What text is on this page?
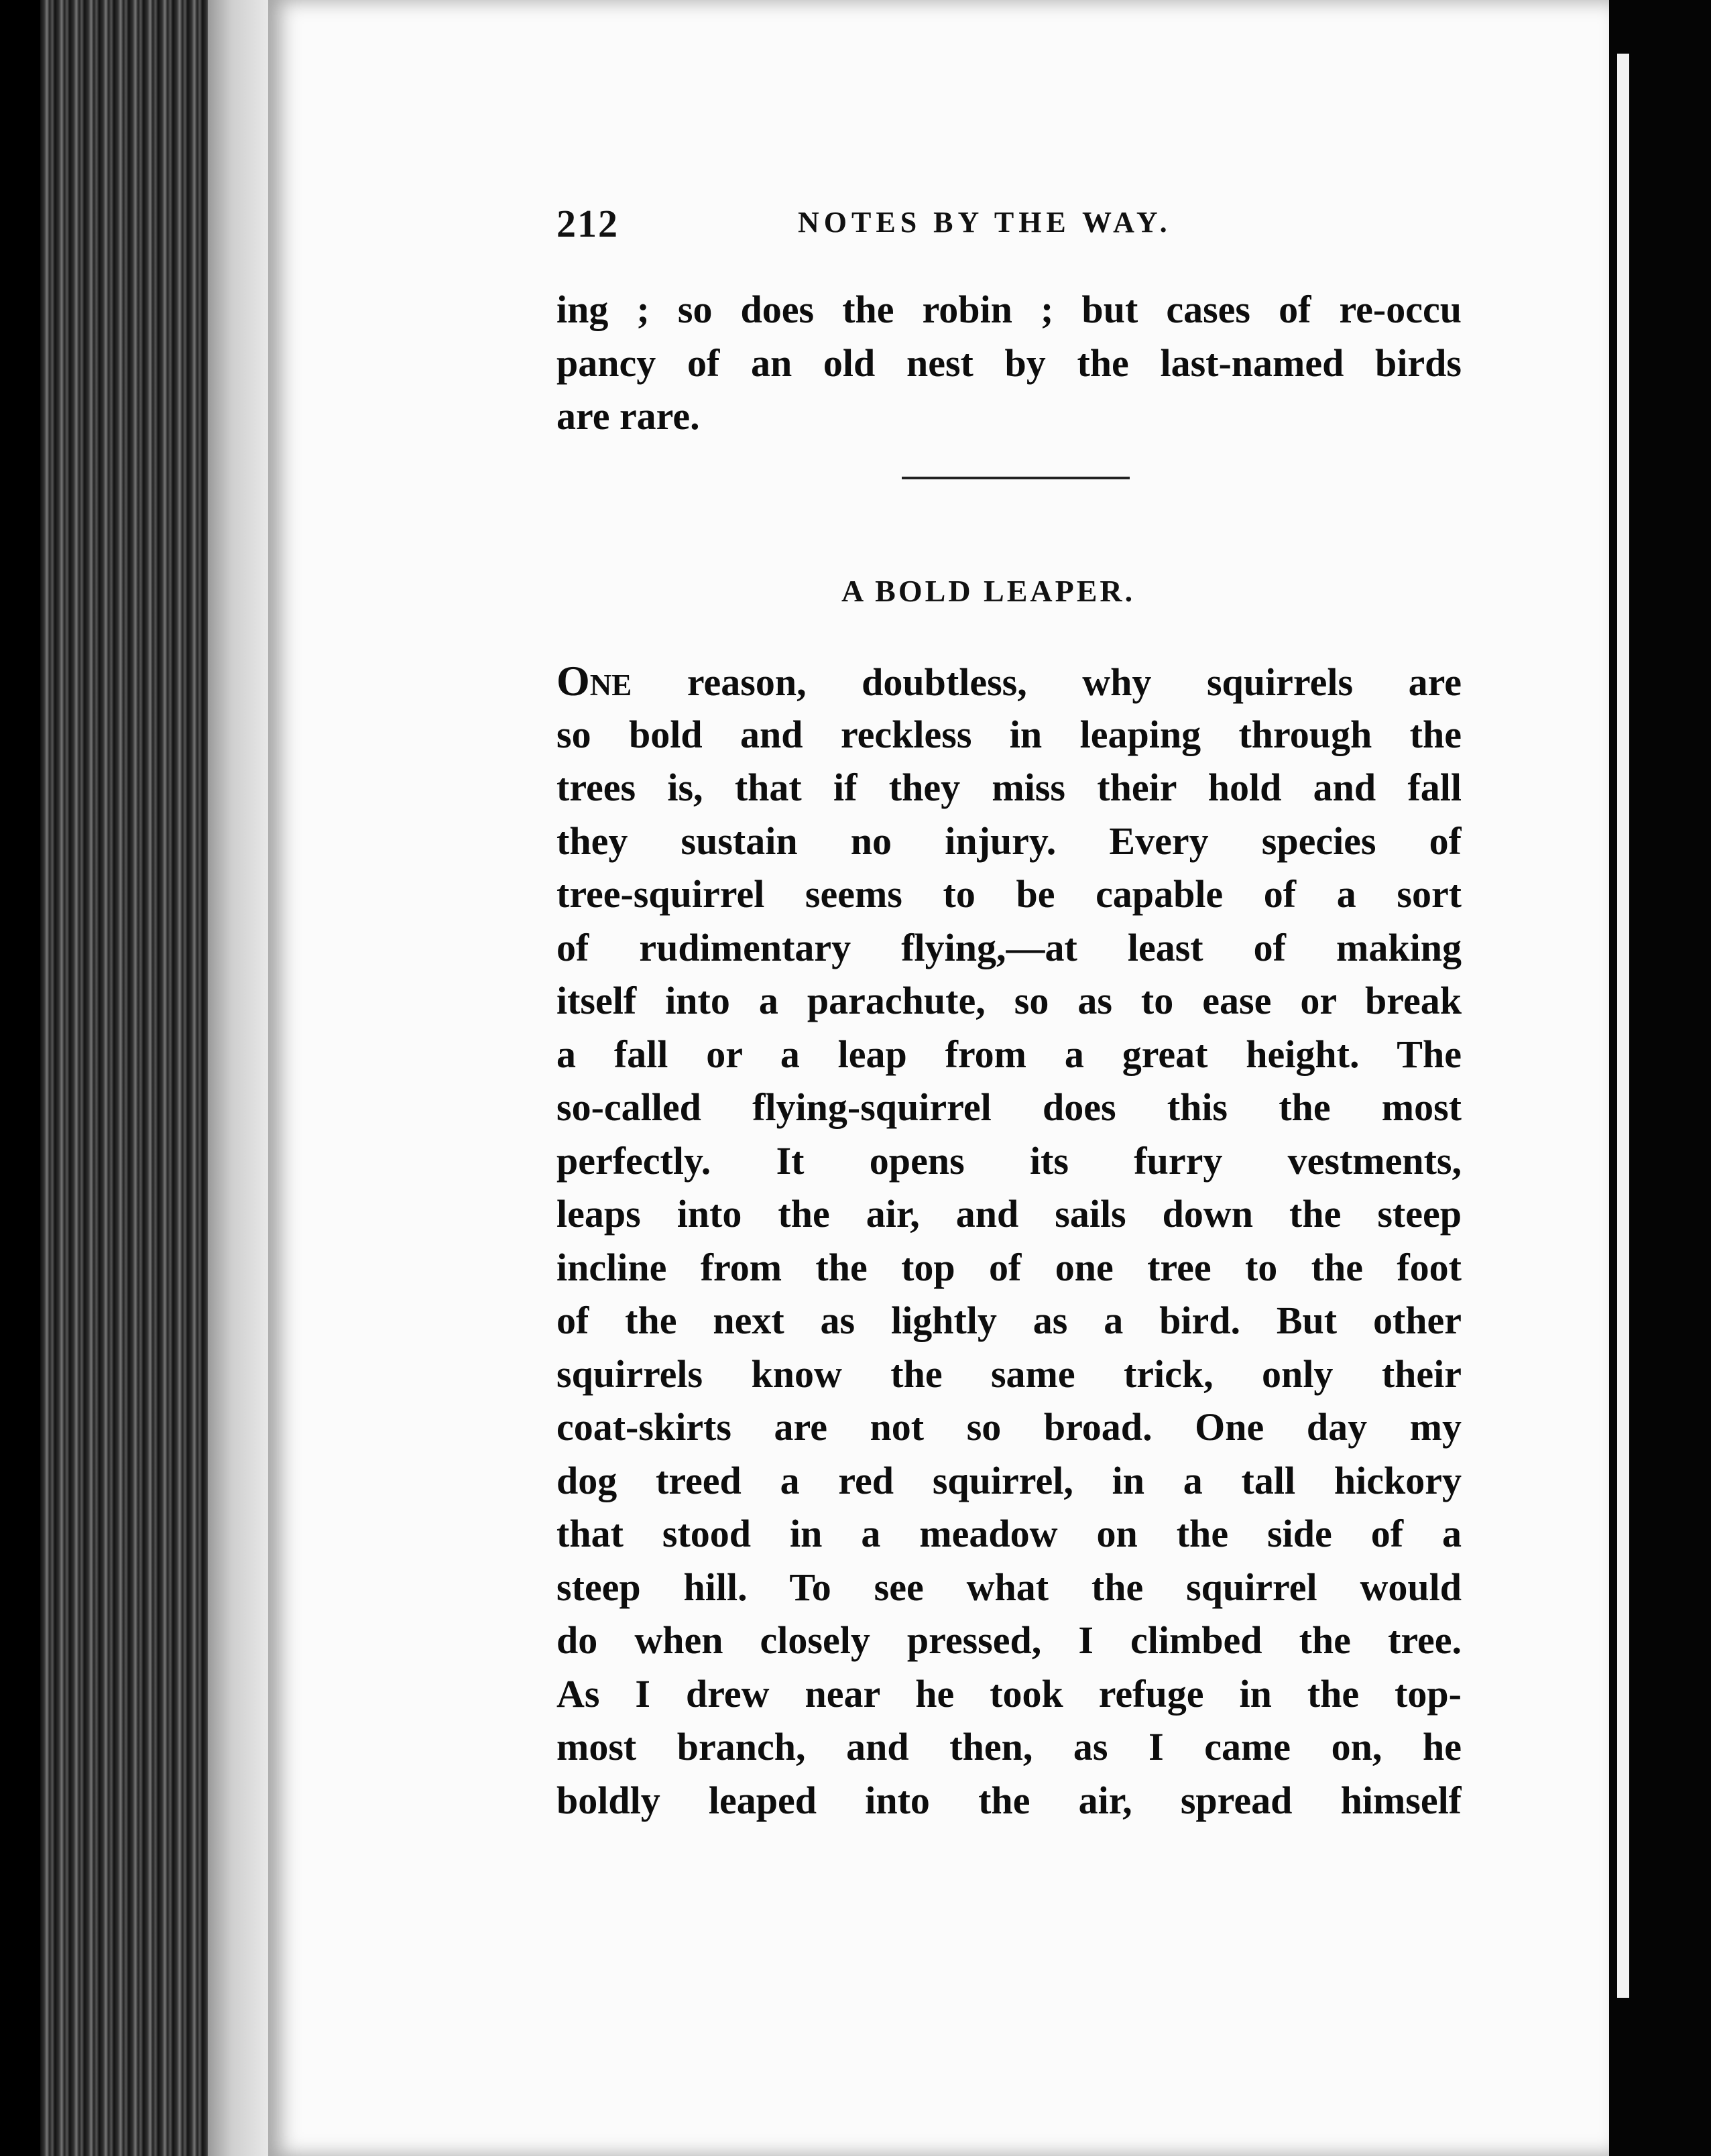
212	NOTES BY THE WAY.
ing ; so does the robin ; but cases of re-occu
pancy of an old nest by the last-named birds
are rare.
A BOLD LEAPER.
One reason, doubtless, why squirrels are
so bold and reckless in leaping through the
trees is, that if they miss their hold and fall
they sustain no injury. Every species of
tree-squirrel seems to be capable of a sort
of rudimentary flying,—at least of making
itself into a parachute, so as to ease or break
a fall or a leap from a great height. The
so-called flying-squirrel does this the most
perfectly. It opens its furry vestments,
leaps into the air, and sails down the steep
incline from the top of one tree to the foot
of the next as lightly as a bird. But other
squirrels know the same trick, only their
coat-skirts are not so broad. One day my
dog treed a red squirrel, in a tall hickory
that stood in a meadow on the side of a
steep hill. To see what the squirrel would
do when closely pressed, I climbed the tree.
As I drew near he took refuge in the top-
most branch, and then, as I came on, he
boldly leaped into the air, spread himself
